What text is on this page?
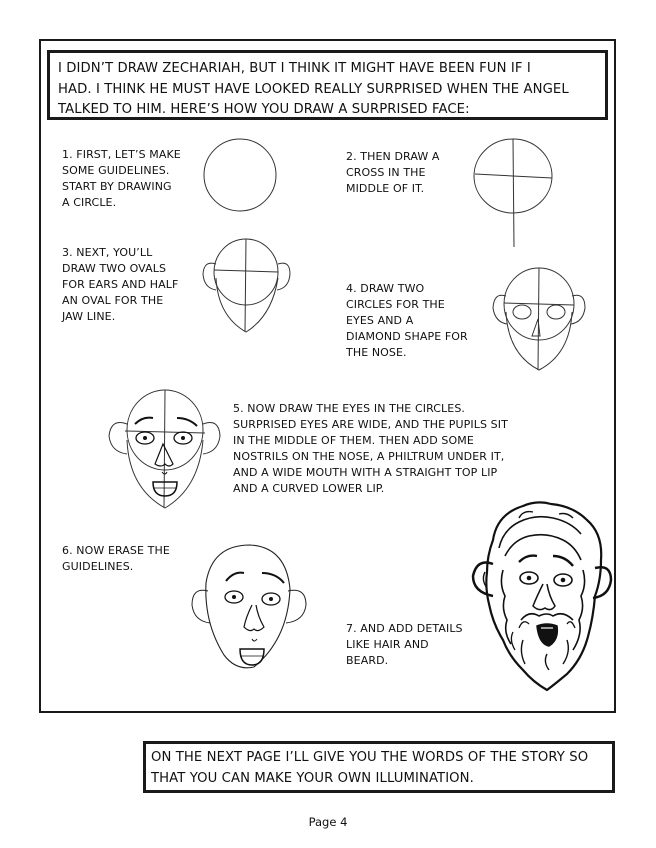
I DIDN’T DRAW ZECHARIAH, BUT I THINK IT MIGHT HAVE BEEN FUN IF I
HAD. I THINK HE MUST HAVE LOOKED REALLY SURPRISED WHEN THE ANGEL
TALKED TO HIM. HERE’S HOW YOU DRAW A SURPRISED FACE:
1. FIRST, LET’S MAKE
SOME GUIDELINES.
START BY DRAWING
A CIRCLE.
2. THEN DRAW A
CROSS IN THE
MIDDLE OF IT.
3. NEXT, YOU’LL
DRAW TWO OVALS
FOR EARS AND HALF
AN OVAL FOR THE
JAW LINE.
4. DRAW TWO
CIRCLES FOR THE
EYES AND A
DIAMOND SHAPE FOR
THE NOSE.
5. NOW DRAW THE EYES IN THE CIRCLES.
SURPRISED EYES ARE WIDE, AND THE PUPILS SIT
IN THE MIDDLE OF THEM. THEN ADD SOME
NOSTRILS ON THE NOSE, A PHILTRUM UNDER IT,
AND A WIDE MOUTH WITH A STRAIGHT TOP LIP
AND A CURVED LOWER LIP.
6. NOW ERASE THE
GUIDELINES.
7. AND ADD DETAILS
LIKE HAIR AND
BEARD.
ON THE NEXT PAGE I’LL GIVE YOU THE WORDS OF THE STORY SO
THAT YOU CAN MAKE YOUR OWN ILLUMINATION.
Page 4
